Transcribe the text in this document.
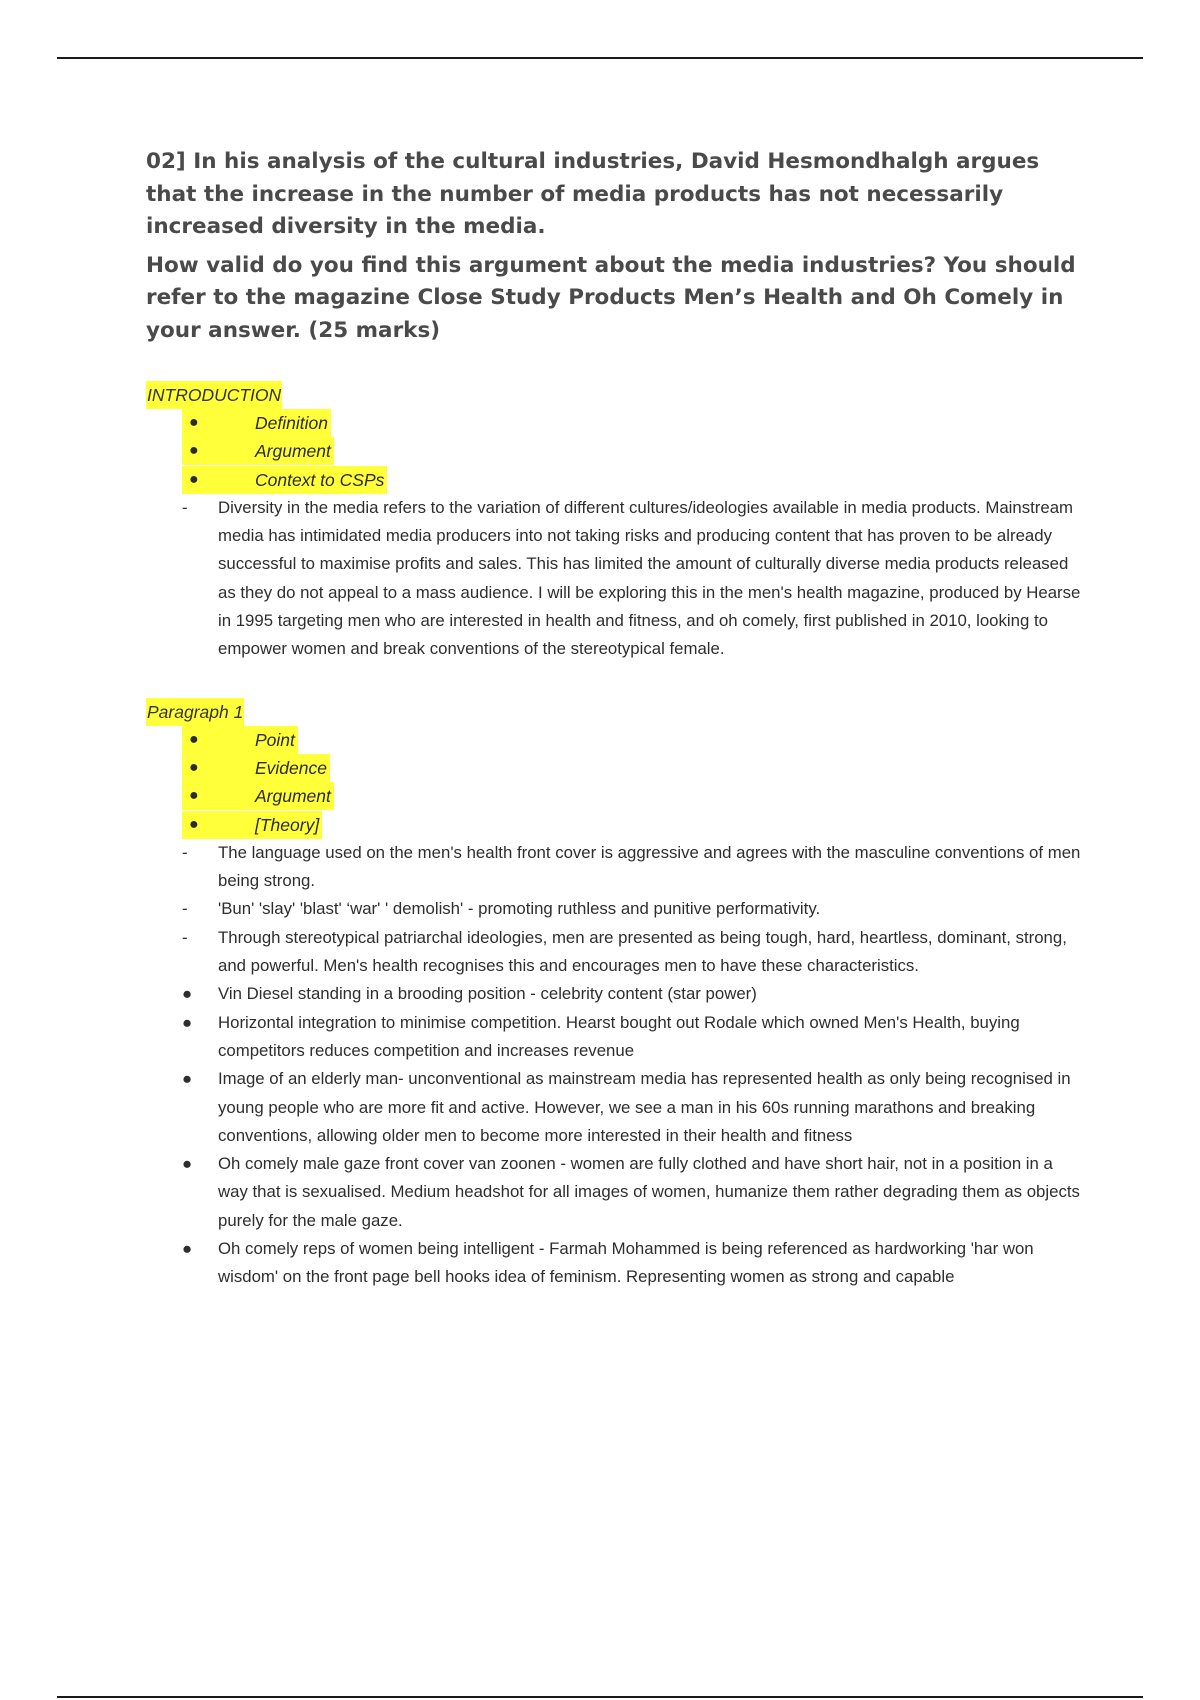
02] In his analysis of the cultural industries, David Hesmondhalgh argues that the increase in the number of media products has not necessarily increased diversity in the media.

How valid do you find this argument about the media industries? You should refer to the magazine Close Study Products Men’s Health and Oh Comely in your answer. (25 marks)

INTRODUCTION
●	Definition
●	Argument
●	Context to CSPs
-	Diversity in the media refers to the variation of different cultures/ideologies available in media products. Mainstream media has intimidated media producers into not taking risks and producing content that has proven to be already successful to maximise profits and sales. This has limited the amount of culturally diverse media products released as they do not appeal to a mass audience. I will be exploring this in the men's health magazine, produced by Hearse in 1995 targeting men who are interested in health and fitness, and oh comely, first published in 2010, looking to empower women and break conventions of the stereotypical female.
Paragraph 1
●	Point
●	Evidence
●	Argument
●	[Theory]
-	The language used on the men's health front cover is aggressive and agrees with the masculine conventions of men being strong.
-	'Bun' 'slay' 'blast' ‘war' ' demolish' - promoting ruthless and punitive performativity.
-	Through stereotypical patriarchal ideologies, men are presented as being tough, hard, heartless, dominant, strong, and powerful. Men's health recognises this and encourages men to have these characteristics.
●	Vin Diesel standing in a brooding position - celebrity content (star power)
●	Horizontal integration to minimise competition. Hearst bought out Rodale which owned Men's Health, buying competitors reduces competition and increases revenue
●	Image of an elderly man- unconventional as mainstream media has represented health as only being recognised in young people who are more fit and active. However, we see a man in his 60s running marathons and breaking conventions, allowing older men to become more interested in their health and fitness
●	Oh comely male gaze front cover van zoonen - women are fully clothed and have short hair, not in a position in a way that is sexualised. Medium headshot for all images of women, humanize them rather degrading them as objects purely for the male gaze.
●	Oh comely reps of women being intelligent - Farmah Mohammed is being referenced as hardworking 'har won wisdom' on the front page bell hooks idea of feminism. Representing women as strong and capable
